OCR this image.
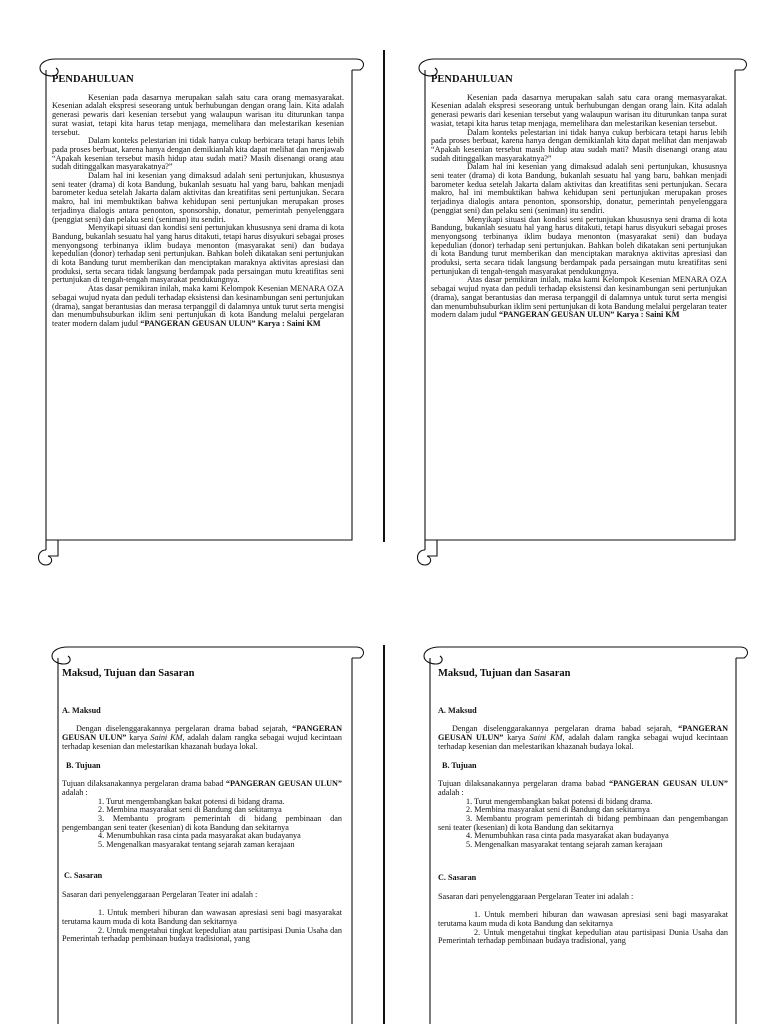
PENDAHULUAN

Kesenian pada dasarnya merupakan salah satu cara orang memasyarakat. Kesenian adalah ekspresi seseorang untuk berhubungan dengan orang lain. Kita adalah generasi pewaris dari kesenian tersebut yang walaupun warisan itu diturunkan tanpa surat wasiat, tetapi kita harus tetap menjaga, memelihara dan melestarikan kesenian tersebut.

Dalam konteks pelestarian ini tidak hanya cukup berbicara tetapi harus lebih pada proses berbuat, karena hanya dengan demikianlah kita dapat melihat dan menjawab “Apakah kesenian tersebut masih hidup atau sudah mati? Masih disenangi orang atau sudah ditinggalkan masyarakatnya?”

Dalam hal ini kesenian yang dimaksud adalah seni pertunjukan, khususnya seni teater (drama) di kota Bandung, bukanlah sesuatu hal yang baru, bahkan menjadi barometer kedua setelah Jakarta dalam aktivitas dan kreatifitas seni pertunjukan. Secara makro, hal ini membuktikan bahwa kehidupan seni pertunjukan merupakan proses terjadinya dialogis antara penonton, sponsorship, donatur, pemerintah penyelenggara (penggiat seni) dan pelaku seni (seniman) itu sendiri.

Menyikapi situasi dan kondisi seni pertunjukan khususnya seni drama di kota Bandung, bukanlah sesuatu hal yang harus ditakuti, tetapi harus disyukuri sebagai proses menyongsong terbinanya iklim budaya menonton (masyarakat seni) dan budaya kepedulian (donor) terhadap seni pertunjukan. Bahkan boleh dikatakan seni pertunjukan di kota Bandung turut memberikan dan menciptakan maraknya aktivitas apresiasi dan produksi, serta secara tidak langsung berdampak pada persaingan mutu kreatifitas seni pertunjukan di tengah-tengah masyarakat pendukungnya.

Atas dasar pemikiran inilah, maka kami Kelompok Kesenian MENARA OZA sebagai wujud nyata dan peduli terhadap eksistensi dan kesinambungan seni pertunjukan (drama), sangat berantusias dan merasa terpanggil di dalamnya untuk turut serta mengisi dan menumbuhsuburkan iklim seni pertunjukan di kota Bandung melalui pergelaran teater modern dalam judul “PANGERAN GEUSAN ULUN” Karya : Saini KM

PENDAHULUAN

Kesenian pada dasarnya merupakan salah satu cara orang memasyarakat. Kesenian adalah ekspresi seseorang untuk berhubungan dengan orang lain. Kita adalah generasi pewaris dari kesenian tersebut yang walaupun warisan itu diturunkan tanpa surat wasiat, tetapi kita harus tetap menjaga, memelihara dan melestarikan kesenian tersebut.

Dalam konteks pelestarian ini tidak hanya cukup berbicara tetapi harus lebih pada proses berbuat, karena hanya dengan demikianlah kita dapat melihat dan menjawab “Apakah kesenian tersebut masih hidup atau sudah mati? Masih disenangi orang atau sudah ditinggalkan masyarakatnya?”

Dalam hal ini kesenian yang dimaksud adalah seni pertunjukan, khususnya seni teater (drama) di kota Bandung, bukanlah sesuatu hal yang baru, bahkan menjadi barometer kedua setelah Jakarta dalam aktivitas dan kreatifitas seni pertunjukan. Secara makro, hal ini membuktikan bahwa kehidupan seni pertunjukan merupakan proses terjadinya dialogis antara penonton, sponsorship, donatur, pemerintah penyelenggara (penggiat seni) dan pelaku seni (seniman) itu sendiri.

Menyikapi situasi dan kondisi seni pertunjukan khususnya seni drama di kota Bandung, bukanlah sesuatu hal yang harus ditakuti, tetapi harus disyukuri sebagai proses menyongsong terbinanya iklim budaya menonton (masyarakat seni) dan budaya kepedulian (donor) terhadap seni pertunjukan. Bahkan boleh dikatakan seni pertunjukan di kota Bandung turut memberikan dan menciptakan maraknya aktivitas apresiasi dan produksi, serta secara tidak langsung berdampak pada persaingan mutu kreatifitas seni pertunjukan di tengah-tengah masyarakat pendukungnya.

Atas dasar pemikiran inilah, maka kami Kelompok Kesenian MENARA OZA sebagai wujud nyata dan peduli terhadap eksistensi dan kesinambungan seni pertunjukan (drama), sangat berantusias dan merasa terpanggil di dalamnya untuk turut serta mengisi dan menumbuhsuburkan iklim seni pertunjukan di kota Bandung melalui pergelaran teater modern dalam judul “PANGERAN GEUSAN ULUN” Karya : Saini KM

Maksud, Tujuan dan Sasaran

A. Maksud

Dengan diselenggarakannya pergelaran drama babad sejarah, “PANGERAN GEUSAN ULUN” karya Saini KM, adalah dalam rangka sebagai wujud kecintaan terhadap kesenian dan melestarikan khazanah budaya lokal.

B. Tujuan

Tujuan dilaksanakannya pergelaran drama babad “PANGERAN GEUSAN ULUN” adalah :

1. Turut mengembangkan bakat potensi di bidang drama.
2. Membina masyarakat seni di Bandung dan sekitarnya
3. Membantu program pemerintah di bidang pembinaan dan pengembangan seni teater (kesenian) di kota Bandung dan sekitarnya
4. Menumbuhkan rasa cinta pada masyarakat akan budayanya
5. Mengenalkan masyarakat tentang sejarah zaman kerajaan

C. Sasaran

Sasaran dari penyelenggaraan Pergelaran Teater ini adalah :

1. Untuk memberi hiburan dan wawasan apresiasi seni bagi masyarakat terutama kaum muda di kota Bandung dan sekitarnya
2. Untuk mengetahui tingkat kepedulian atau partisipasi Dunia Usaha dan Pemerintah terhadap pembinaan budaya tradisional, yang

Maksud, Tujuan dan Sasaran

A. Maksud

Dengan diselenggarakannya pergelaran drama babad sejarah, “PANGERAN GEUSAN ULUN” karya Saini KM, adalah dalam rangka sebagai wujud kecintaan terhadap kesenian dan melestarikan khazanah budaya lokal.

B. Tujuan

Tujuan dilaksanakannya pergelaran drama babad “PANGERAN GEUSAN ULUN” adalah :

1. Turut mengembangkan bakat potensi di bidang drama.
2. Membina masyarakat seni di Bandung dan sekitarnya
3. Membantu program pemerintah di bidang pembinaan dan pengembangan seni teater (kesenian) di kota Bandung dan sekitarnya
4. Menumbuhkan rasa cinta pada masyarakat akan budayanya
5. Mengenalkan masyarakat tentang sejarah zaman kerajaan

C. Sasaran

Sasaran dari penyelenggaraan Pergelaran Teater ini adalah :

1. Untuk memberi hiburan dan wawasan apresiasi seni bagi masyarakat terutama kaum muda di kota Bandung dan sekitarnya
2. Untuk mengetahui tingkat kepedulian atau partisipasi Dunia Usaha dan Pemerintah terhadap pembinaan budaya tradisional, yang
